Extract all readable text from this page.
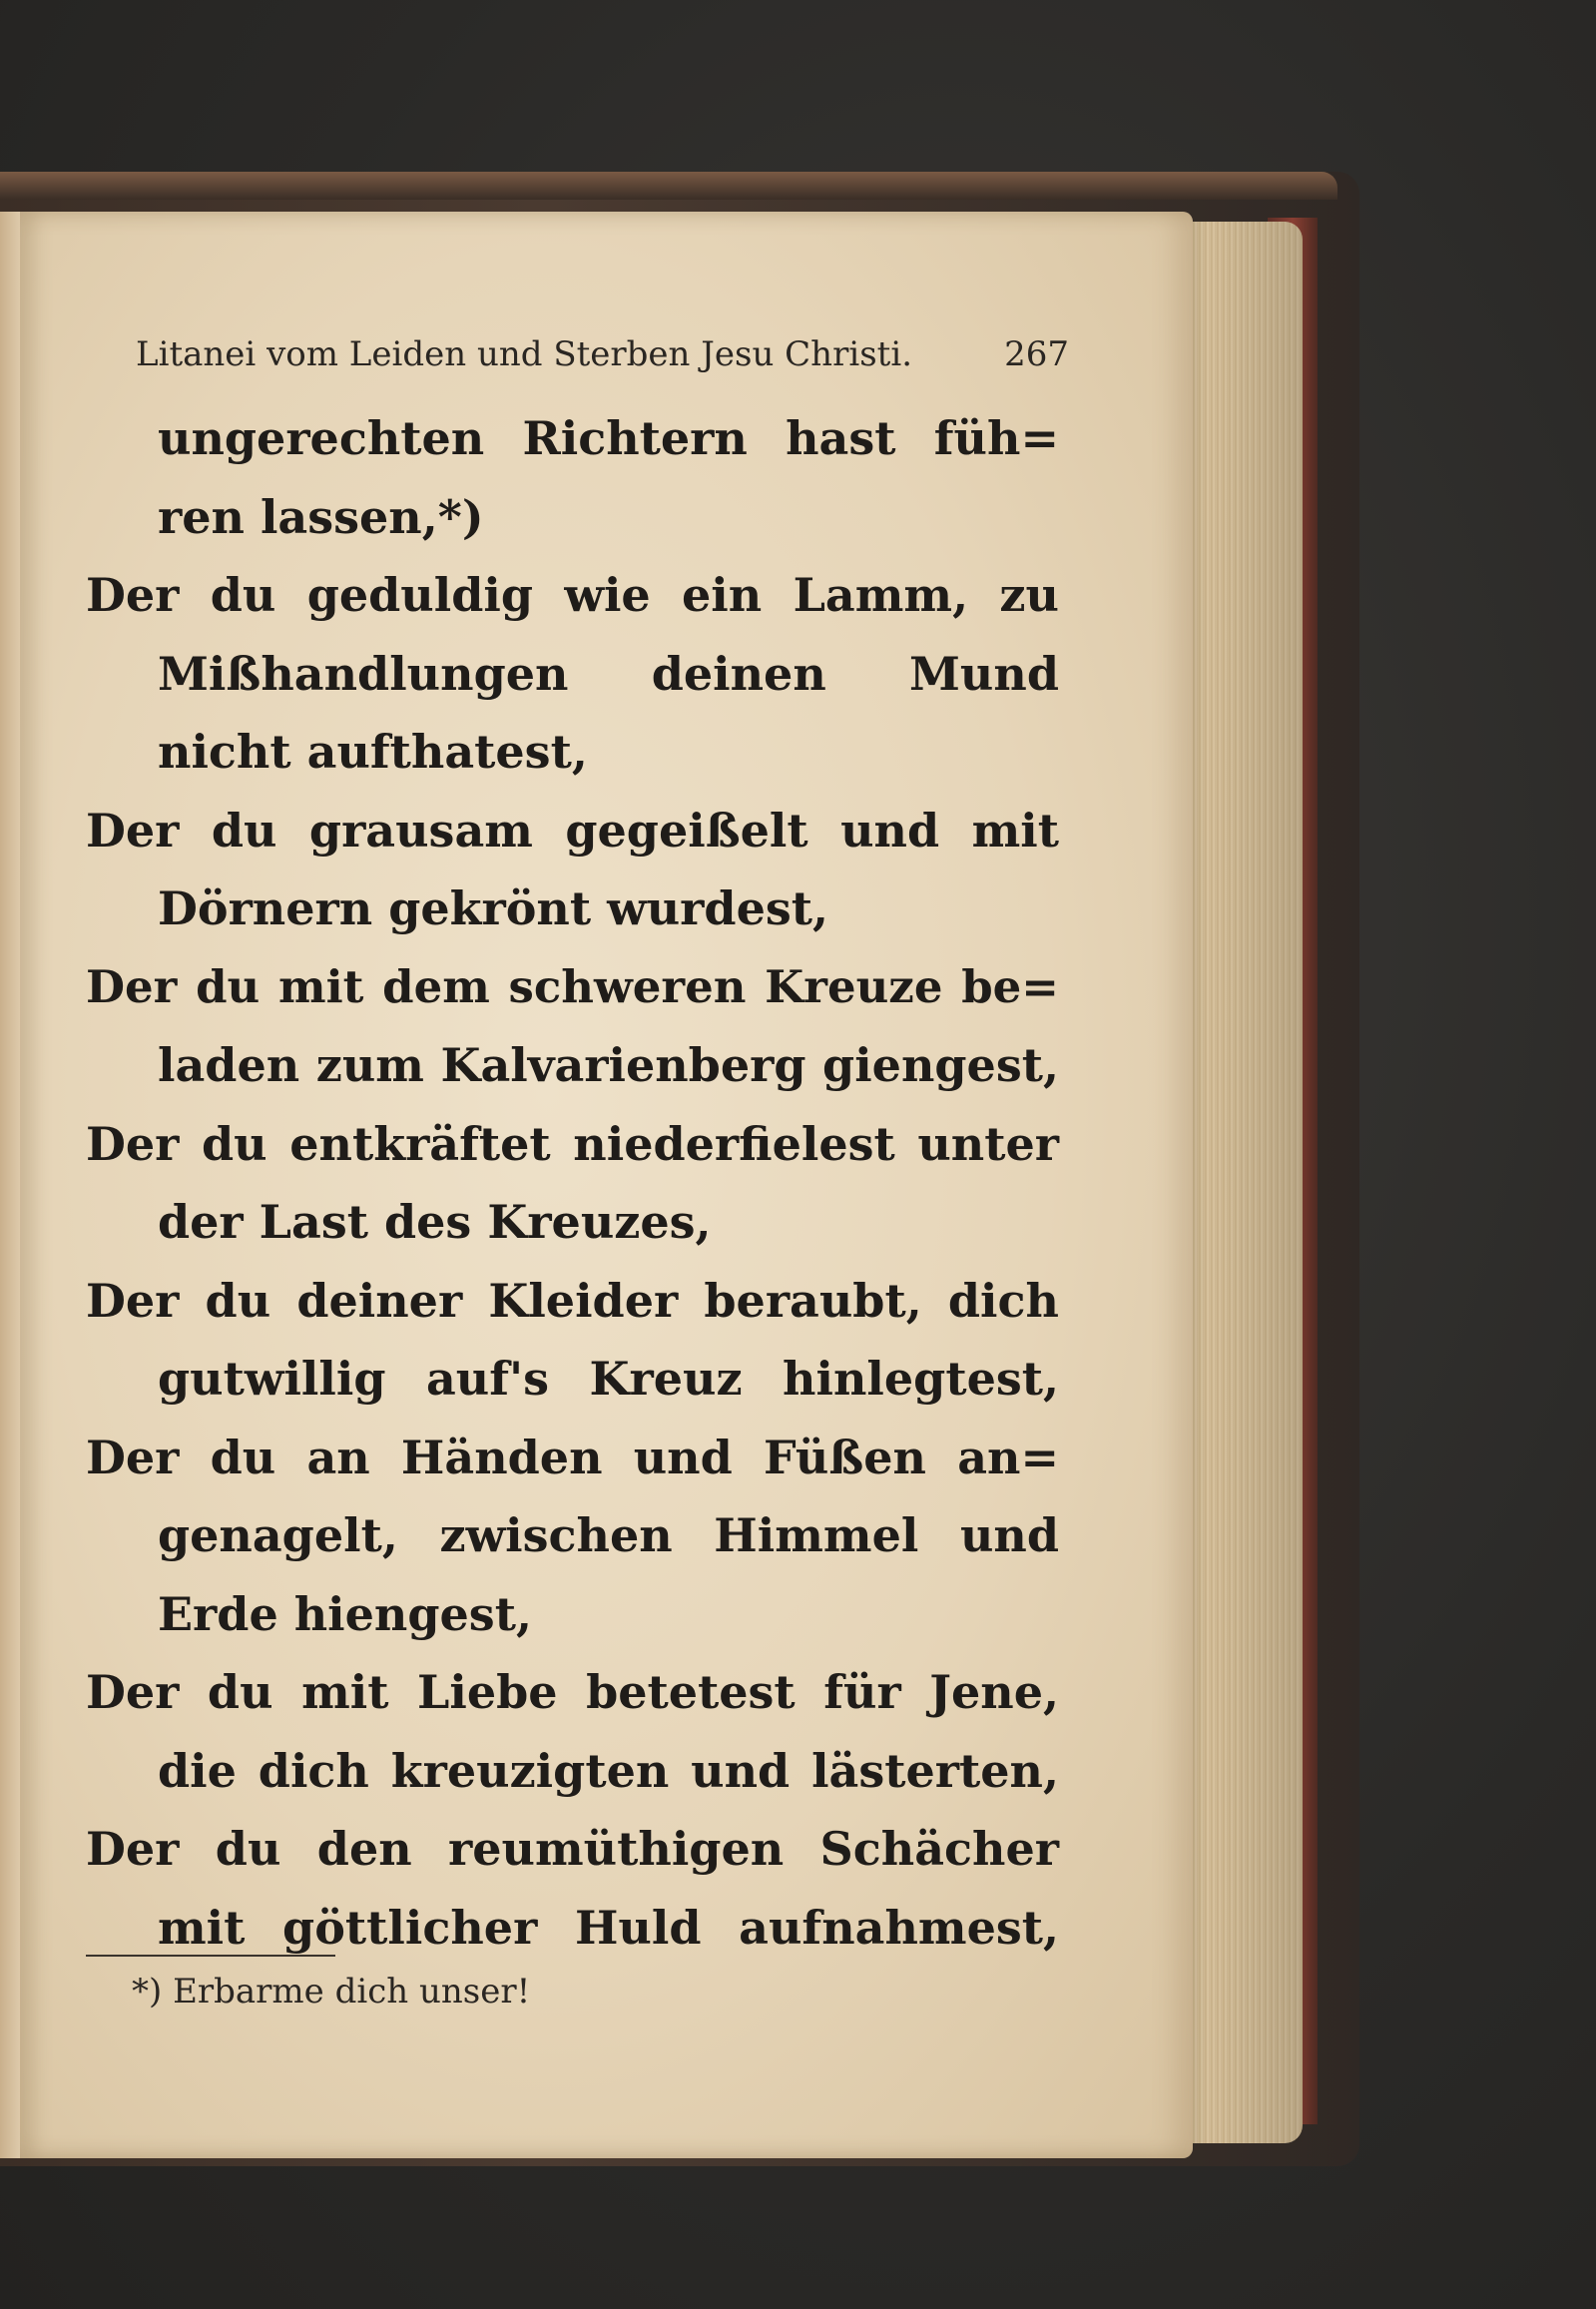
Litanei vom Leiden und Sterben Jesu Christi.	267
ungerechten Richtern hast füh=
ren lassen,*)
Der du geduldig wie ein Lamm, zu
Mißhandlungen deinen Mund
nicht aufthatest,
Der du grausam gegeißelt und mit
Dörnern gekrönt wurdest,
Der du mit dem schweren Kreuze be=
laden zum Kalvarienberg giengest,
Der du entkräftet niederfielest unter
der Last des Kreuzes,
Der du deiner Kleider beraubt, dich
gutwillig auf's Kreuz hinlegtest,
Der du an Händen und Füßen an=
genagelt, zwischen Himmel und
Erde hiengest,
Der du mit Liebe betetest für Jene,
die dich kreuzigten und lästerten,
Der du den reumüthigen Schächer
mit göttlicher Huld aufnahmest,
*) Erbarme dich unser!
